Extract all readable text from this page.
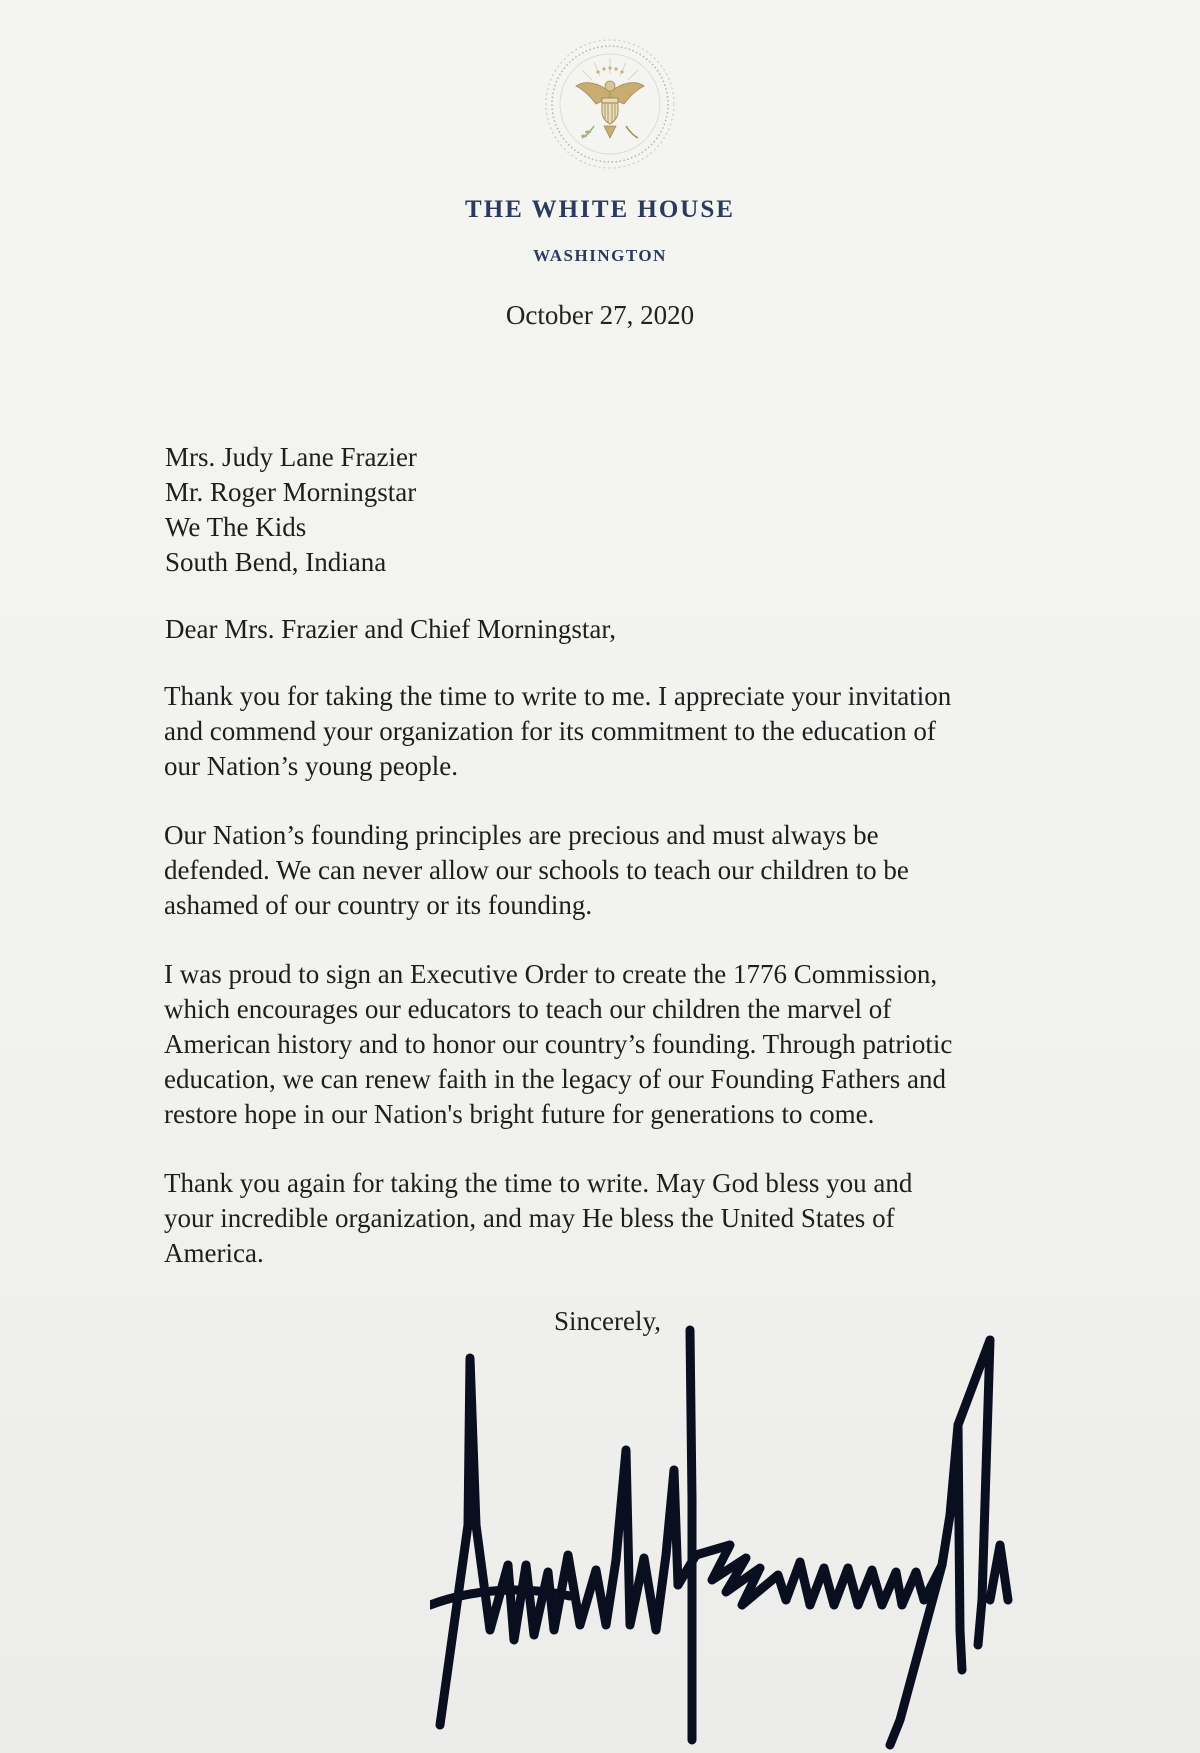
THE WHITE HOUSE
WASHINGTON
October 27, 2020
Mrs. Judy Lane Frazier
Mr. Roger Morningstar
We The Kids
South Bend, Indiana
Dear Mrs. Frazier and Chief Morningstar,
Thank you for taking the time to write to me. I appreciate your invitation
and commend your organization for its commitment to the education of
our Nation’s young people.
Our Nation’s founding principles are precious and must always be
defended. We can never allow our schools to teach our children to be
ashamed of our country or its founding.
I was proud to sign an Executive Order to create the 1776 Commission,
which encourages our educators to teach our children the marvel of
American history and to honor our country’s founding. Through patriotic
education, we can renew faith in the legacy of our Founding Fathers and
restore hope in our Nation's bright future for generations to come.
Thank you again for taking the time to write. May God bless you and
your incredible organization, and may He bless the United States of
America.
Sincerely,
